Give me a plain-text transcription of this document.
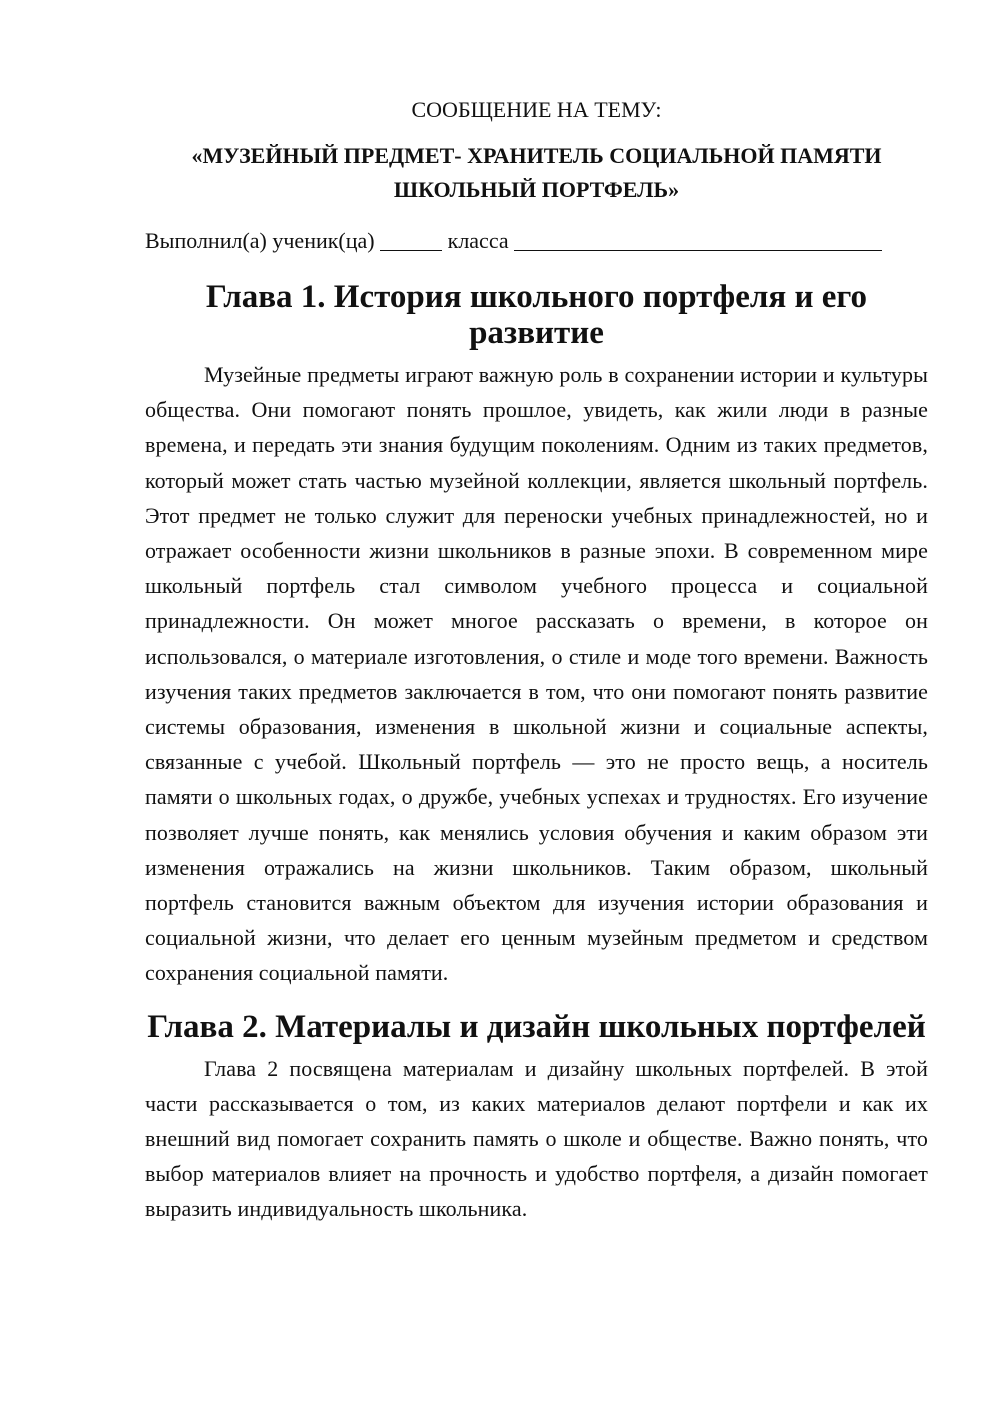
СООБЩЕНИЕ НА ТЕМУ:

«МУЗЕЙНЫЙ ПРЕДМЕТ- ХРАНИТЕЛЬ СОЦИАЛЬНОЙ ПАМЯТИ ШКОЛЬНЫЙ ПОРТФЕЛЬ»

Выполнил(а) ученик(ца)	класса

Глава 1. История школьного портфеля и его развитие

Музейные предметы играют важную роль в сохранении истории и культуры общества. Они помогают понять прошлое, увидеть, как жили люди в разные времена, и передать эти знания будущим поколениям. Одним из таких предметов, который может стать частью музейной коллекции, является школьный портфель. Этот предмет не только служит для переноски учебных принадлежностей, но и отражает особенности жизни школьников в разные эпохи. В современном мире школьный портфель стал символом учебного процесса и социальной принадлежности. Он может многое рассказать о времени, в которое он использовался, о материале изготовления, о стиле и моде того времени. Важность изучения таких предметов заключается в том, что они помогают понять развитие системы образования, изменения в школьной жизни и социальные аспекты, связанные с учебой. Школьный портфель — это не просто вещь, а носитель памяти о школьных годах, о дружбе, учебных успехах и трудностях. Его изучение позволяет лучше понять, как менялись условия обучения и каким образом эти изменения отражались на жизни школьников. Таким образом, школьный портфель становится важным объектом для изучения истории образования и социальной жизни, что делает его ценным музейным предметом и средством сохранения социальной памяти.

Глава 2. Материалы и дизайн школьных портфелей

Глава 2 посвящена материалам и дизайну школьных портфелей. В этой части рассказывается о том, из каких материалов делают портфели и как их внешний вид помогает сохранить память о школе и обществе. Важно понять, что выбор материалов влияет на прочность и удобство портфеля, а дизайн помогает выразить индивидуальность школьника.
